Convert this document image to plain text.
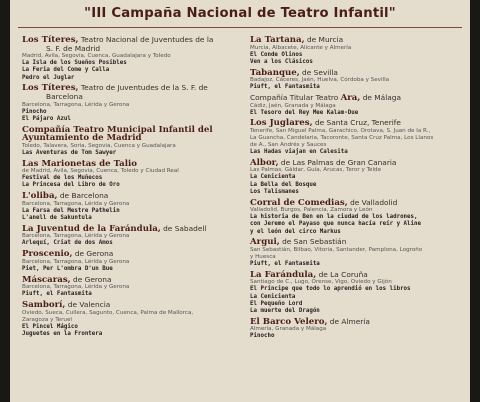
"III Campaña Nacional de Teatro Infantil"
Los Títeres, Teatro Nacional de Juventudes de la
S. F. de Madrid
Madrid, Avila, Segovia, Cuenca, Guadalajara y Toledo
La Isla de los Sueños Posibles
La Feria del Come y Calla
Pedro el Juglar
Los Títeres, Teatro de Juventudes de la S. F. de
Barcelona
Barcelona, Tarragona, Lérida y Gerona
Pinocho
El Pájaro Azul
Compañía Teatro Municipal Infantil del Ayuntamiento de Madrid
Toledo, Talavera, Soria, Segovia, Cuenca y Guadalajara
Las Aventuras de Tom Sawyer
Las Marionetas de Talio
de Madrid, Avila, Segovia, Cuenca, Toledo y Ciudad Real
Festival de los Muñecos
La Princesa del Libro de Oro
L'oliba, de Barcelona
Barcelona, Tarragona, Lérida y Gerona
La Farsa del Mestre Pathelin
L'anell de Sakuntula
La Juventud de la Farándula, de Sabadell
Barcelona, Tarragona, Lérida y Gerona
Arlequí, Criat de dos Amos
Proscenio, de Gerona
Barcelona, Tarragona, Lérida y Gerona
Piet, Per L'ombra D'un Bue
Máscaras, de Gerona
Barcelona, Tarragona, Lérida y Gerona
Piuft, el Fantasmita
Samborí, de Valencia
Oviedo, Sueca, Cullera, Sagunto, Cuenca, Palma de Mallorca,
Zaragoza y Teruel
El Pincel Mágico
Juguetes en la Frontera
La Tartana, de Murcia
Murcia, Albacete, Alicante y Almería
El Conde Olinos
Ven a los Clásicos
Tabanque, de Sevilla
Badajoz, Cáceres, Jaén, Huelva, Córdoba y Sevilla
Piuft, el Fantasmita
Compañía Titular Teatro Ara, de Málaga
Cádiz, Jaén, Granada y Málaga
El Tesoro del Rey Mee Kalam-Due
Los Juglares, de Santa Cruz, Tenerife
Tenerife, San Miguel Palma, Garachico, Orotava, S. Juan de la R.,
La Guancha, Candelaria, Tacoronte, Santa Cruz Palma, Los Llanos
de A., San Andrés y Sauces
Las Hadas viajan en Calesita
Albor, de Las Palmas de Gran Canaria
Las Palmas, Gáldar, Guía, Arucas, Teror y Telde
La Cenicienta
La Bella del Bosque
Los Talismanes
Corral de Comedias, de Valladolid
Valladolid, Burgos, Palencia, Zamora y León
La historia de Ben en la ciudad de los ladrones,
con Jeremo el Payaso que nunca hacía reír y Aline
y el león del circo Markus
Argui, de San Sebastián
San Sebastián, Bilbao, Vitoria, Santander, Pamplona, Logroño
y Huesca
Piuft, el Fantasmita
La Farándula, de La Coruña
Santiago de C., Lugo, Orense, Vigo, Oviedo y Gijón
El Príncipe que todo lo aprendió en los libros
La Cenicienta
El Pequeño Lord
La muerte del Dragón
El Barco Velero, de Almería
Almería, Granada y Málaga
Pinocho
